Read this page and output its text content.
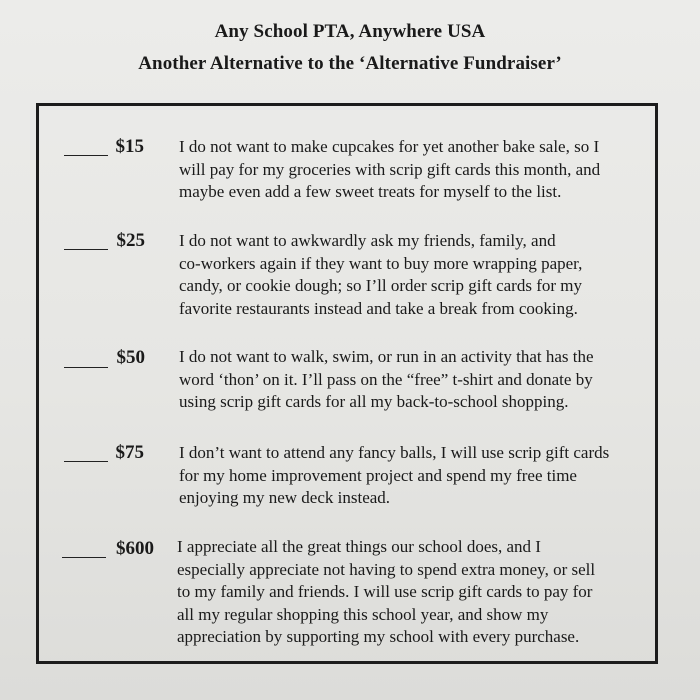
Any School PTA, Anywhere USA

Another Alternative to the ‘Alternative Fundraiser’

$15 I do not want to make cupcakes for yet another bake sale, so I
will pay for my groceries with scrip gift cards this month, and
maybe even add a few sweet treats for myself to the list.

$25 I do not want to awkwardly ask my friends, family, and
co-workers again if they want to buy more wrapping paper,
candy, or cookie dough; so I’ll order scrip gift cards for my
favorite restaurants instead and take a break from cooking.

$50 I do not want to walk, swim, or run in an activity that has the
word ‘thon’ on it. I’ll pass on the “free” t-shirt and donate by
using scrip gift cards for all my back-to-school shopping.

$75 I don’t want to attend any fancy balls, I will use scrip gift cards
for my home improvement project and spend my free time
enjoying my new deck instead.

$600 I appreciate all the great things our school does, and I
especially appreciate not having to spend extra money, or sell
to my family and friends. I will use scrip gift cards to pay for
all my regular shopping this school year, and show my
appreciation by supporting my school with every purchase.
